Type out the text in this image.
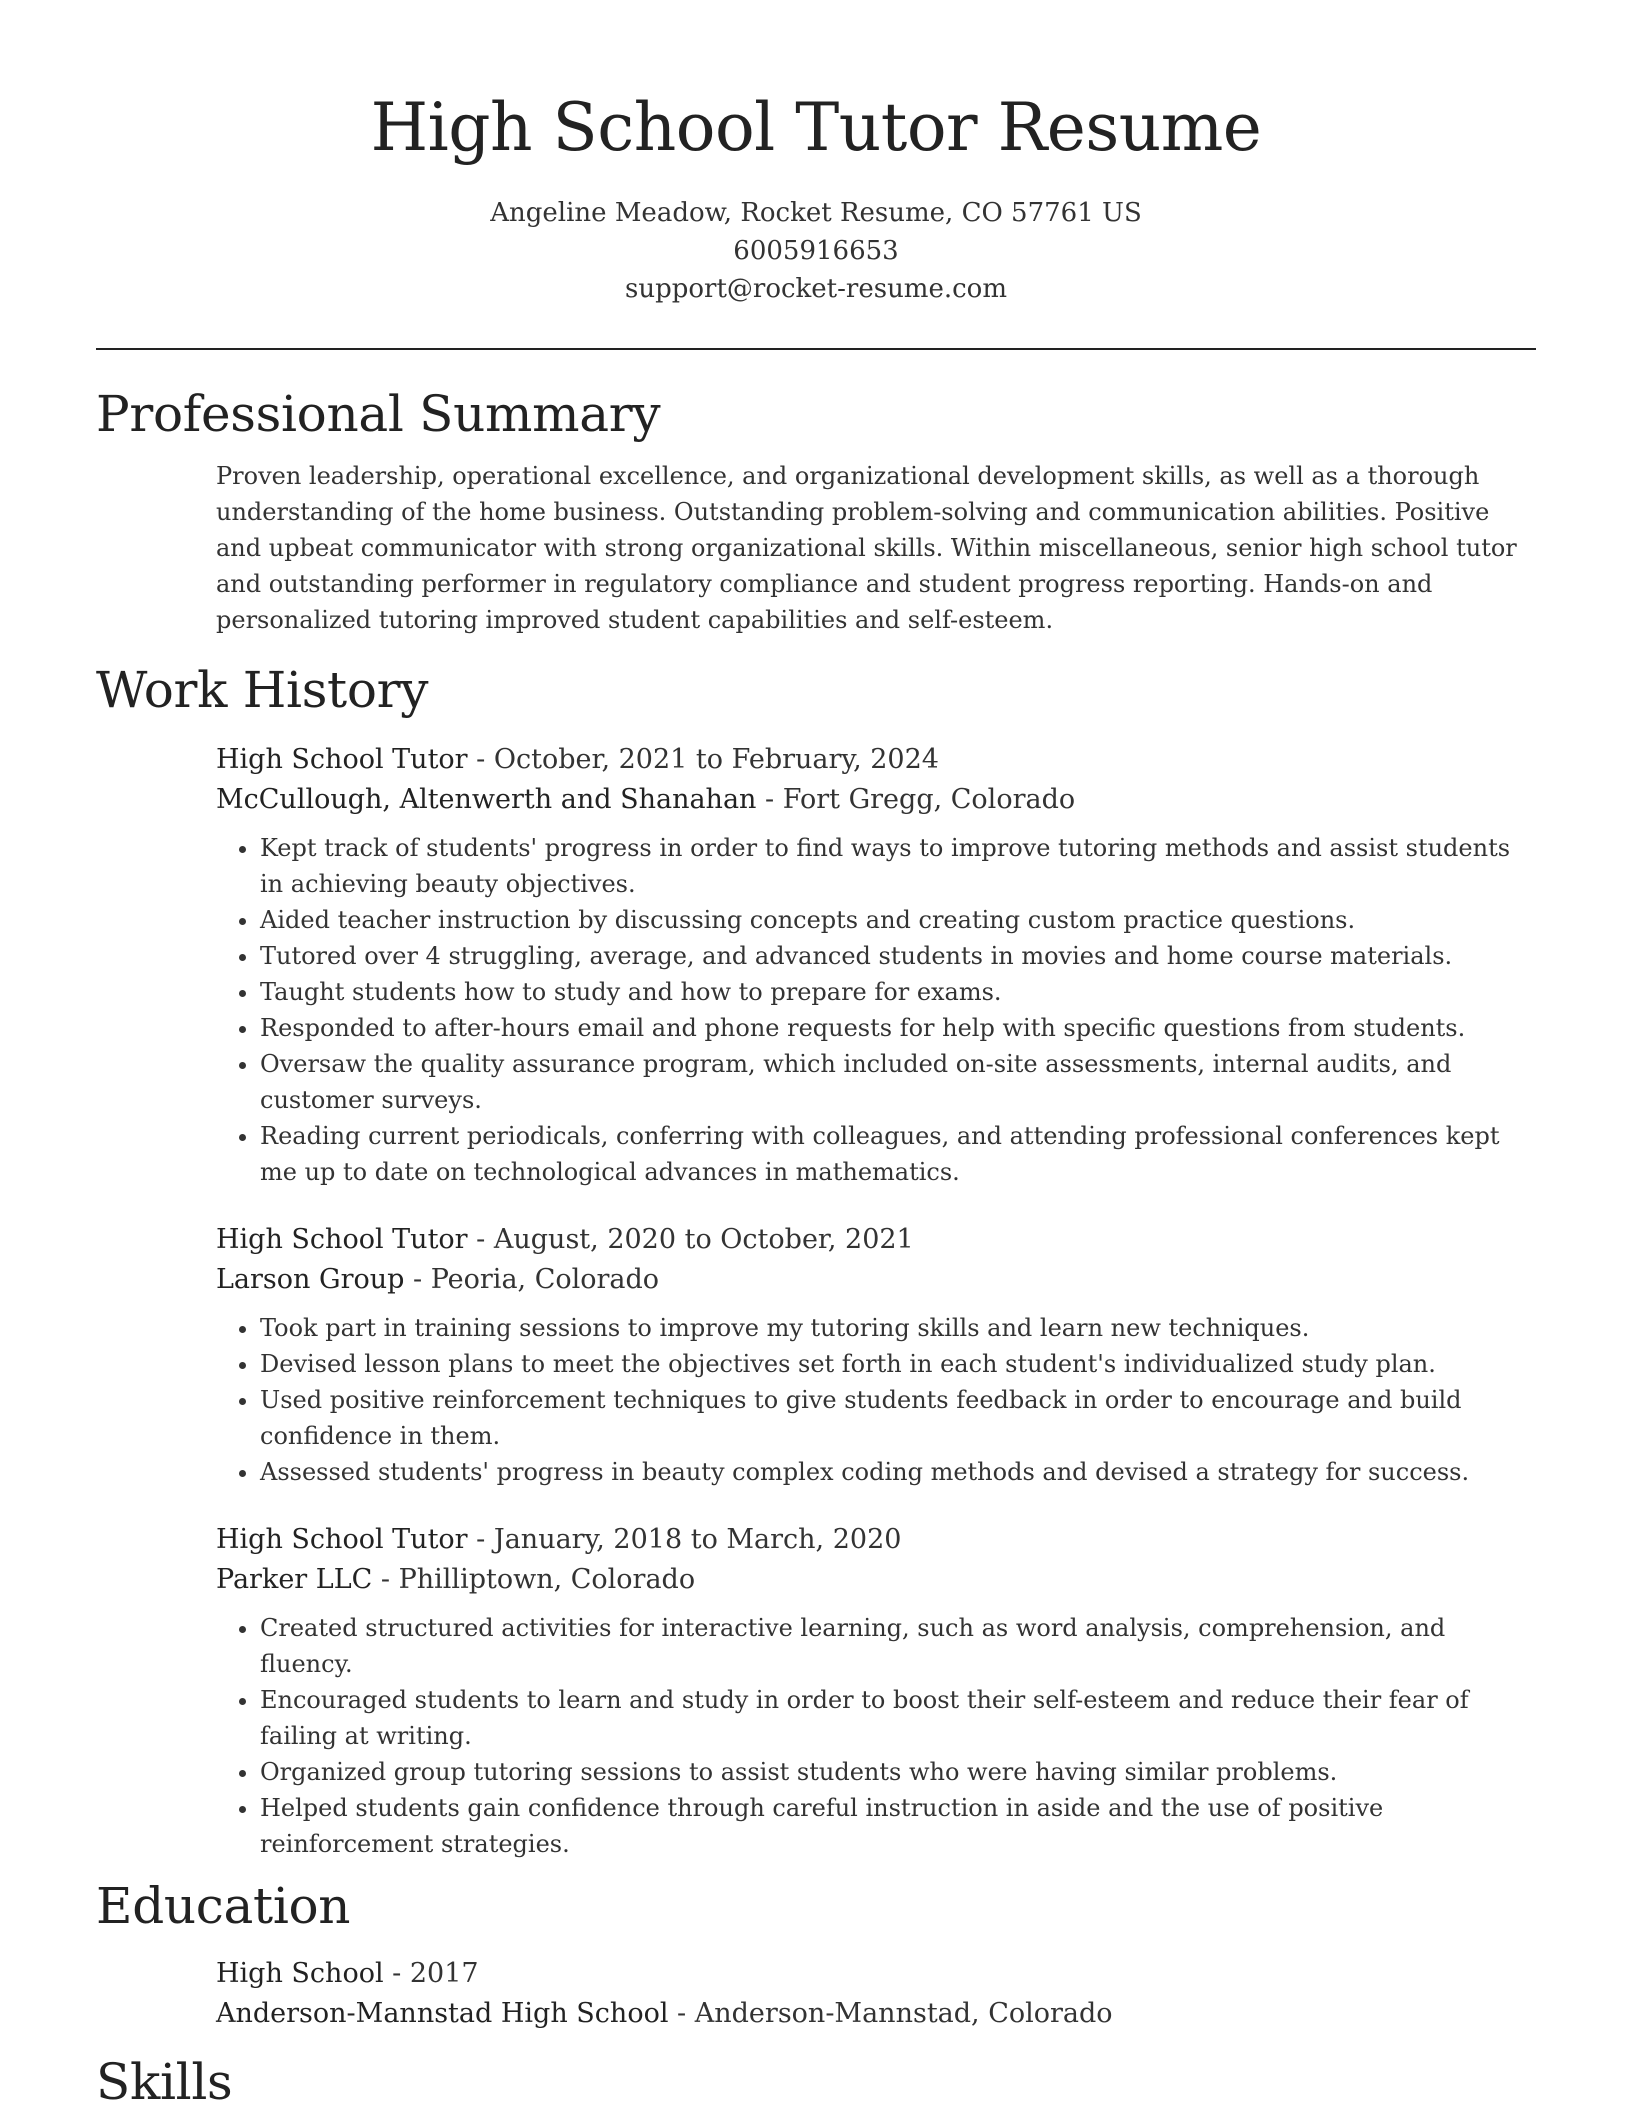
High School Tutor Resume
Angeline Meadow, Rocket Resume, CO 57761 US
6005916653
support@rocket-resume.com
Professional Summary

Proven leadership, operational excellence, and organizational development skills, as well as a thorough understanding of the home business. Outstanding problem-solving and communication abilities. Positive and upbeat communicator with strong organizational skills. Within miscellaneous, senior high school tutor and outstanding performer in regulatory compliance and student progress reporting. Hands-on and personalized tutoring improved student capabilities and self-esteem.

Work History
High School Tutor - October, 2021 to February, 2024
McCullough, Altenwerth and Shanahan - Fort Gregg, Colorado
• Kept track of students' progress in order to find ways to improve tutoring methods and assist students in achieving beauty objectives.
• Aided teacher instruction by discussing concepts and creating custom practice questions.
• Tutored over 4 struggling, average, and advanced students in movies and home course materials.
• Taught students how to study and how to prepare for exams.
• Responded to after-hours email and phone requests for help with specific questions from students.
• Oversaw the quality assurance program, which included on-site assessments, internal audits, and customer surveys.
• Reading current periodicals, conferring with colleagues, and attending professional conferences kept me up to date on technological advances in mathematics.
High School Tutor - August, 2020 to October, 2021
Larson Group - Peoria, Colorado
• Took part in training sessions to improve my tutoring skills and learn new techniques.
• Devised lesson plans to meet the objectives set forth in each student's individualized study plan.
• Used positive reinforcement techniques to give students feedback in order to encourage and build confidence in them.
• Assessed students' progress in beauty complex coding methods and devised a strategy for success.
High School Tutor - January, 2018 to March, 2020
Parker LLC - Philliptown, Colorado
• Created structured activities for interactive learning, such as word analysis, comprehension, and fluency.
• Encouraged students to learn and study in order to boost their self-esteem and reduce their fear of failing at writing.
• Organized group tutoring sessions to assist students who were having similar problems.
• Helped students gain confidence through careful instruction in aside and the use of positive reinforcement strategies.
Education
High School - 2017
Anderson-Mannstad High School - Anderson-Mannstad, Colorado
Skills
